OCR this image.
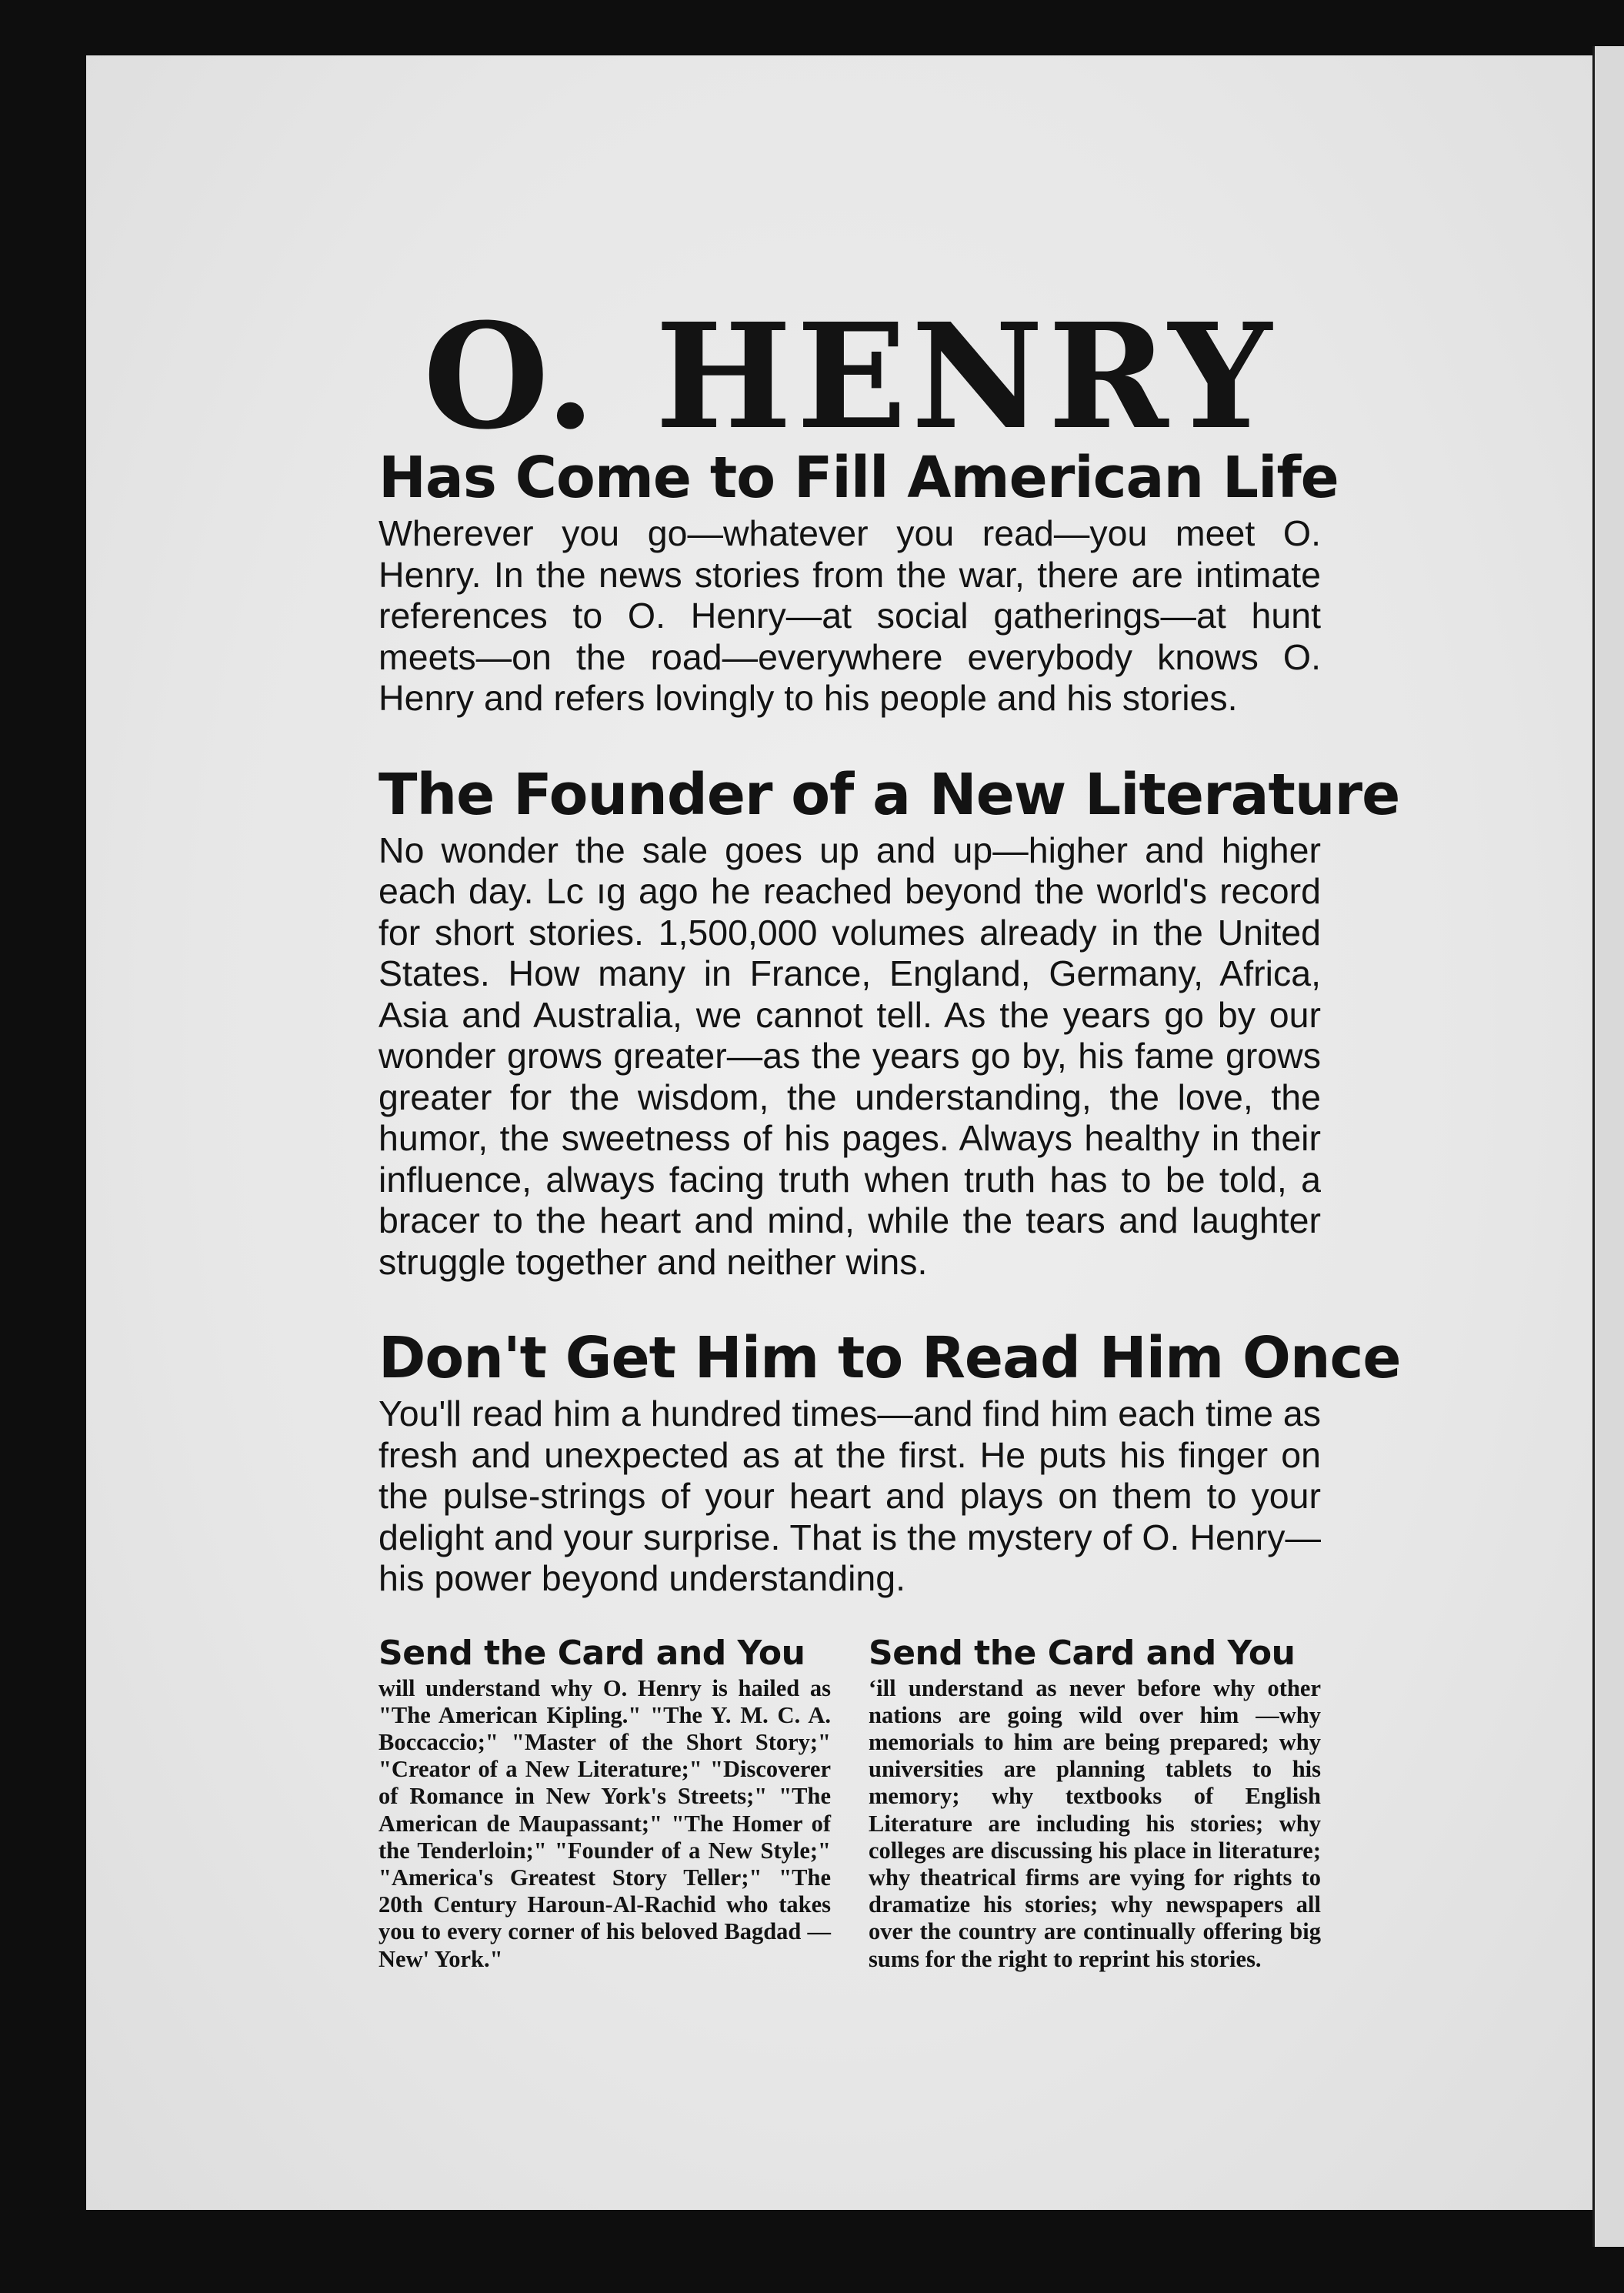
O. HENRY
Has Come to Fill American Life

Wherever you go—whatever you read—you meet O. Henry. In the news stories from the war, there are intimate references to O. Henry—at social gatherings—at hunt meets—on the road—everywhere everybody knows O. Henry and refers lovingly to his people and his stories.

The Founder of a New Literature

No wonder the sale goes up and up—higher and higher each day. Lc ıg ago he reached beyond the world's record for short stories. 1,500,000 volumes already in the United States. How many in France, England, Germany, Africa, Asia and Australia, we cannot tell. As the years go by our wonder grows greater—as the years go by, his fame grows greater for the wisdom, the understanding, the love, the humor, the sweetness of his pages. Always healthy in their influence, always facing truth when truth has to be told, a bracer to the heart and mind, while the tears and laughter struggle together and neither wins.

Don't Get Him to Read Him Once

You'll read him a hundred times—and find him each time as fresh and unexpected as at the first. He puts his finger on the pulse-strings of your heart and plays on them to your delight and your surprise. That is the mystery of O. Henry—his power beyond understanding.

Send the Card and You

will understand why O. Henry is hailed as "The American Kipling." "The Y. M. C. A. Boccaccio;" "Master of the Short Story;" "Creator of a New Literature;" "Discoverer of Romance in New York's Streets;" "The American de Maupassant;" "The Homer of the Tenderloin;" "Founder of a New Style;" "America's Greatest Story Teller;" "The 20th Century Haroun-Al-Rachid who takes you to every corner of his beloved Bagdad —New' York."

Send the Card and You

ʻill understand as never before why other nations are going wild over him —why memorials to him are being prepared; why universities are planning tablets to his memory; why textbooks of English Literature are including his stories; why colleges are discussing his place in literature; why theatrical firms are vying for rights to dramatize his stories; why newspapers all over the country are continually offering big sums for the right to reprint his stories.
